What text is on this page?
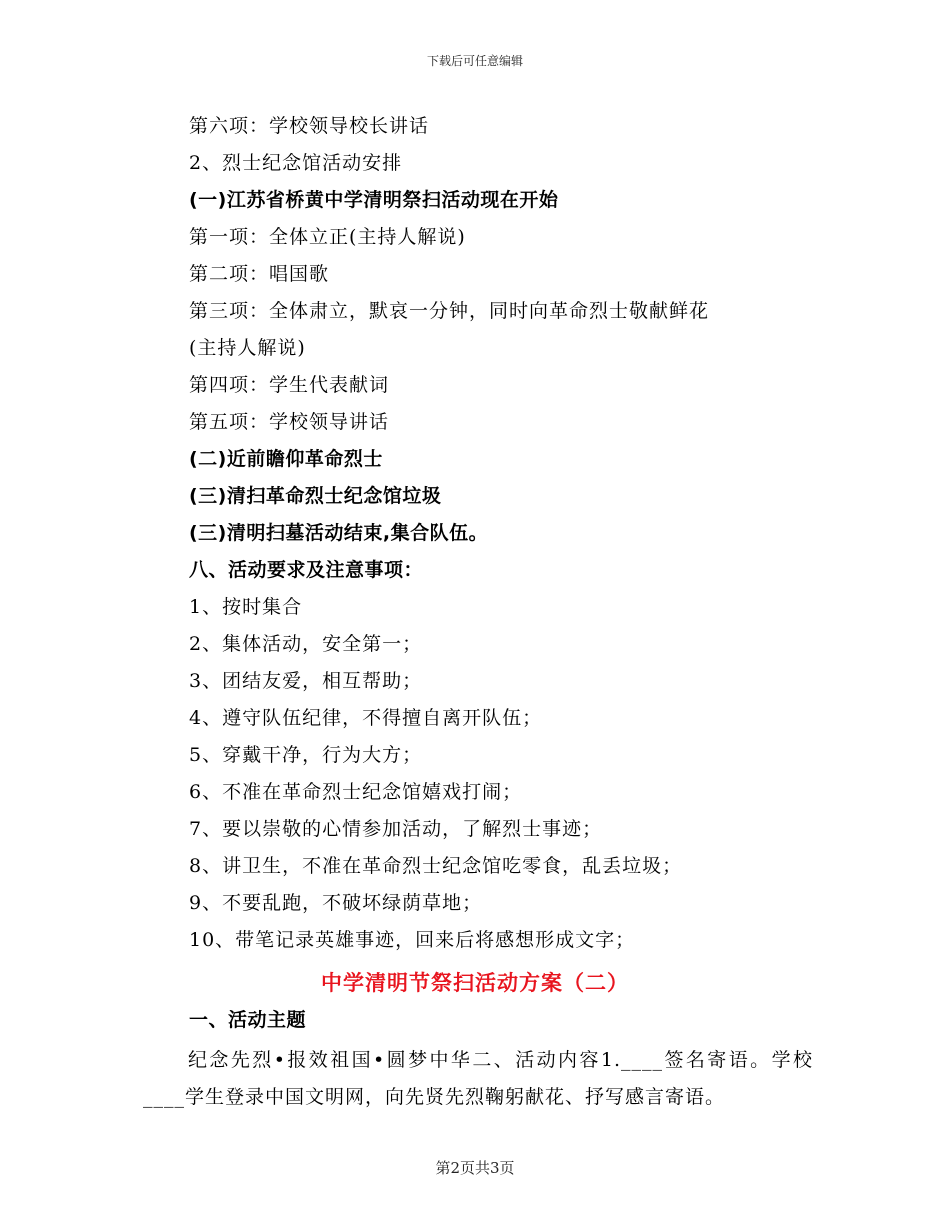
下载后可任意编辑
第六项：学校领导校长讲话
2、烈士纪念馆活动安排
(一)江苏省桥黄中学清明祭扫活动现在开始
第一项：全体立正(主持人解说)
第二项：唱国歌
第三项：全体肃立，默哀一分钟，同时向革命烈士敬献鲜花
(主持人解说)
第四项：学生代表献词
第五项：学校领导讲话
(二)近前瞻仰革命烈士
(三)清扫革命烈士纪念馆垃圾
(三)清明扫墓活动结束,集合队伍。
八、活动要求及注意事项：
1、按时集合
2、集体活动，安全第一；
3、团结友爱，相互帮助；
4、遵守队伍纪律，不得擅自离开队伍；
5、穿戴干净，行为大方；
6、不准在革命烈士纪念馆嬉戏打闹；
7、要以崇敬的心情参加活动，了解烈士事迹；
8、讲卫生，不准在革命烈士纪念馆吃零食，乱丢垃圾；
9、不要乱跑，不破坏绿荫草地；
10、带笔记录英雄事迹，回来后将感想形成文字；
中学清明节祭扫活动方案（二）
一、活动主题
纪念先烈•报效祖国•圆梦中华二、活动内容1.____签名寄语。学校____学生登录中国文明网，向先贤先烈鞠躬献花、抒写感言寄语。
第2页共3页
